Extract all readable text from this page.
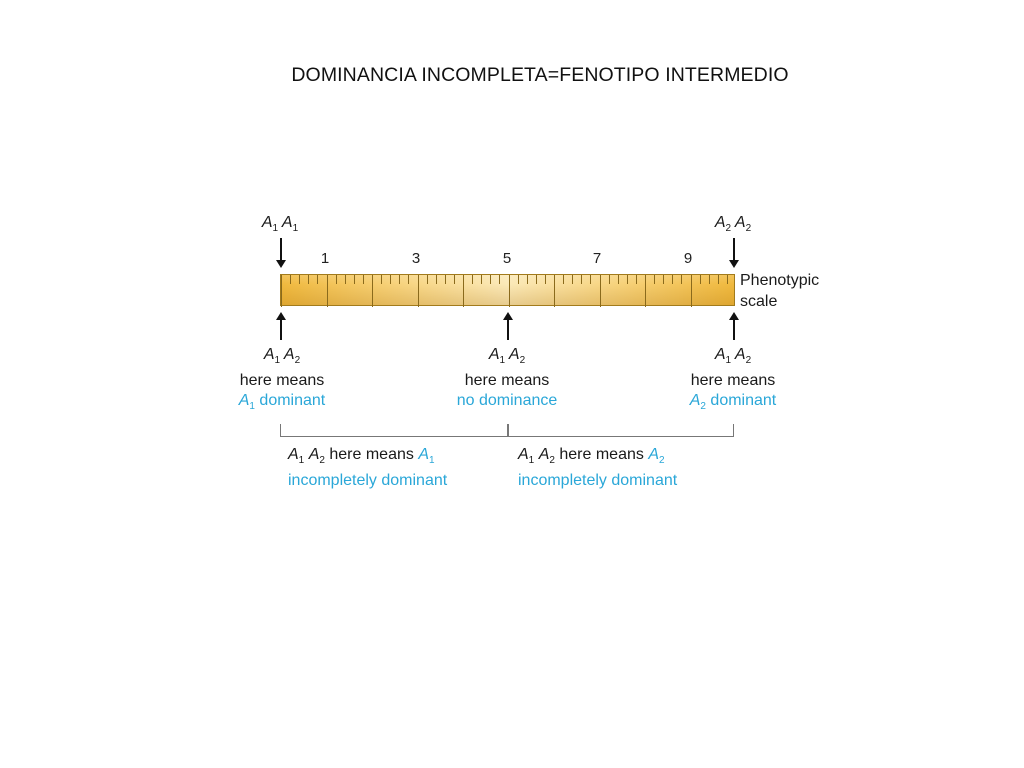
DOMINANCIA INCOMPLETA=FENOTIPO INTERMEDIO
$A_1$ $A_1$	$A_2$ $A_2$
1	3	5	7	9
Phenotypic
scale
$A_1$ $A_2$
here means
$A_1$ dominant
$A_1$ $A_2$
here means
no dominance
$A_1$ $A_2$
here means
$A_2$ dominant
$A_1$ $A_2$ here means $A_1$
incompletely dominant
$A_1$ $A_2$ here means $A_2$
incompletely dominant
